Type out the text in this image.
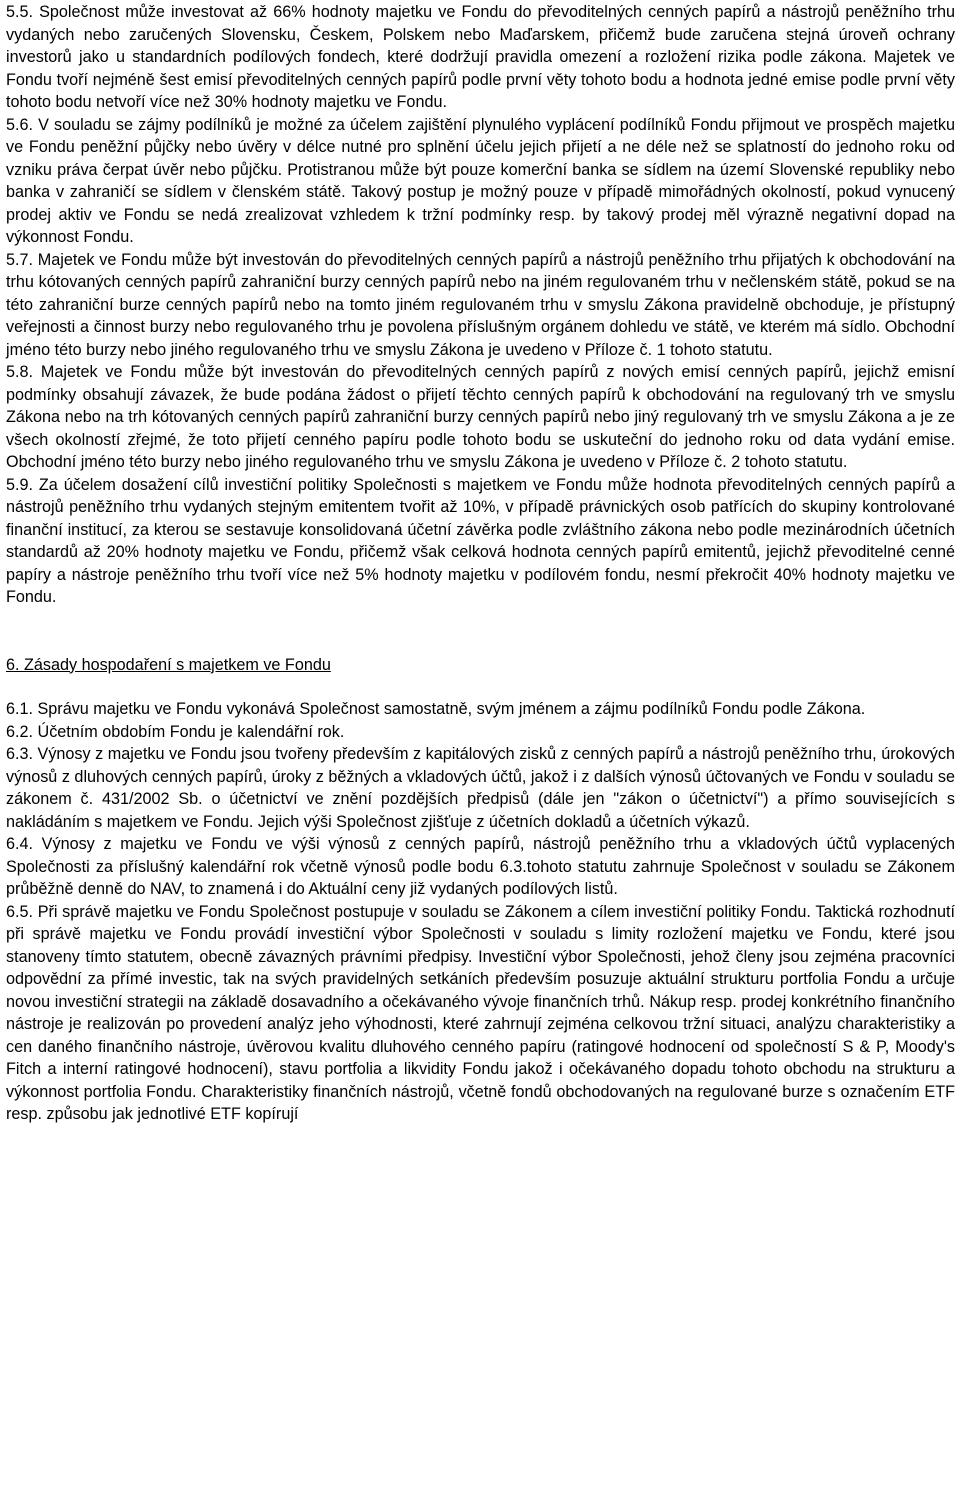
5.5. Společnost může investovat až 66% hodnoty majetku ve Fondu do převoditelných cenných papírů a nástrojů peněžního trhu vydaných nebo zaručených Slovensku, Českem, Polskem nebo Maďarskem, přičemž bude zaručena stejná úroveň ochrany investorů jako u standardních podílových fondech, které dodržují pravidla omezení a rozložení rizika podle zákona. Majetek ve Fondu tvoří nejméně šest emisí převoditelných cenných papírů podle první věty tohoto bodu a hodnota jedné emise podle první věty tohoto bodu netvoří více než 30% hodnoty majetku ve Fondu.

5.6. V souladu se zájmy podílníků je možné za účelem zajištění plynulého vyplácení podílníků Fondu přijmout ve prospěch majetku ve Fondu peněžní půjčky nebo úvěry v délce nutné pro splnění účelu jejich přijetí a ne déle než se splatností do jednoho roku od vzniku práva čerpat úvěr nebo půjčku. Protistranou může být pouze komerční banka se sídlem na území Slovenské republiky nebo banka v zahraničí se sídlem v členském státě. Takový postup je možný pouze v případě mimořádných okolností, pokud vynucený prodej aktiv ve Fondu se nedá zrealizovat vzhledem k tržní podmínky resp. by takový prodej měl výrazně negativní dopad na výkonnost Fondu.

5.7. Majetek ve Fondu může být investován do převoditelných cenných papírů a nástrojů peněžního trhu přijatých k obchodování na trhu kótovaných cenných papírů zahraniční burzy cenných papírů nebo na jiném regulovaném trhu v nečlenském státě, pokud se na této zahraniční burze cenných papírů nebo na tomto jiném regulovaném trhu v smyslu Zákona pravidelně obchoduje, je přístupný veřejnosti a činnost burzy nebo regulovaného trhu je povolena příslušným orgánem dohledu ve státě, ve kterém má sídlo. Obchodní jméno této burzy nebo jiného regulovaného trhu ve smyslu Zákona je uvedeno v Příloze č. 1 tohoto statutu.

5.8. Majetek ve Fondu může být investován do převoditelných cenných papírů z nových emisí cenných papírů, jejichž emisní podmínky obsahují závazek, že bude podána žádost o přijetí těchto cenných papírů k obchodování na regulovaný trh ve smyslu Zákona nebo na trh kótovaných cenných papírů zahraniční burzy cenných papírů nebo jiný regulovaný trh ve smyslu Zákona a je ze všech okolností zřejmé, že toto přijetí cenného papíru podle tohoto bodu se uskuteční do jednoho roku od data vydání emise. Obchodní jméno této burzy nebo jiného regulovaného trhu ve smyslu Zákona je uvedeno v Příloze č. 2 tohoto statutu.

5.9. Za účelem dosažení cílů investiční politiky Společnosti s majetkem ve Fondu může hodnota převoditelných cenných papírů a nástrojů peněžního trhu vydaných stejným emitentem tvořit až 10%, v případě právnických osob patřících do skupiny kontrolované finanční institucí, za kterou se sestavuje konsolidovaná účetní závěrka podle zvláštního zákona nebo podle mezinárodních účetních standardů až 20% hodnoty majetku ve Fondu, přičemž však celková hodnota cenných papírů emitentů, jejichž převoditelné cenné papíry a nástroje peněžního trhu tvoří více než 5% hodnoty majetku v podílovém fondu, nesmí překročit 40% hodnoty majetku ve Fondu.

6. Zásady hospodaření s majetkem ve Fondu

6.1. Správu majetku ve Fondu vykonává Společnost samostatně, svým jménem a zájmu podílníků Fondu podle Zákona.

6.2. Účetním obdobím Fondu je kalendářní rok.

6.3. Výnosy z majetku ve Fondu jsou tvořeny především z kapitálových zisků z cenných papírů a nástrojů peněžního trhu, úrokových výnosů z dluhových cenných papírů, úroky z běžných a vkladových účtů, jakož i z dalších výnosů účtovaných ve Fondu v souladu se zákonem č. 431/2002 Sb. o účetnictví ve znění pozdějších předpisů (dále jen "zákon o účetnictví") a přímo souvisejících s nakládáním s majetkem ve Fondu. Jejich výši Společnost zjišťuje z účetních dokladů a účetních výkazů.

6.4. Výnosy z majetku ve Fondu ve výši výnosů z cenných papírů, nástrojů peněžního trhu a vkladových účtů vyplacených Společnosti za příslušný kalendářní rok včetně výnosů podle bodu 6.3.tohoto statutu zahrnuje Společnost v souladu se Zákonem průběžně denně do NAV, to znamená i do Aktuální ceny již vydaných podílových listů.

6.5. Při správě majetku ve Fondu Společnost postupuje v souladu se Zákonem a cílem investiční politiky Fondu. Taktická rozhodnutí při správě majetku ve Fondu provádí investiční výbor Společnosti v souladu s limity rozložení majetku ve Fondu, které jsou stanoveny tímto statutem, obecně závazných právními předpisy. Investiční výbor Společnosti, jehož členy jsou zejména pracovníci odpovědní za přímé investic, tak na svých pravidelných setkáních především posuzuje aktuální strukturu portfolia Fondu a určuje novou investiční strategii na základě dosavadního a očekávaného vývoje finančních trhů. Nákup resp. prodej konkrétního finančního nástroje je realizován po provedení analýz jeho výhodnosti, které zahrnují zejména celkovou tržní situaci, analýzu charakteristiky a cen daného finančního nástroje, úvěrovou kvalitu dluhového cenného papíru (ratingové hodnocení od společností S & P, Moody's Fitch a interní ratingové hodnocení), stavu portfolia a likvidity Fondu jakož i očekávaného dopadu tohoto obchodu na strukturu a výkonnost portfolia Fondu. Charakteristiky finančních nástrojů, včetně fondů obchodovaných na regulované burze s označením ETF resp. způsobu jak jednotlivé ETF kopírují
